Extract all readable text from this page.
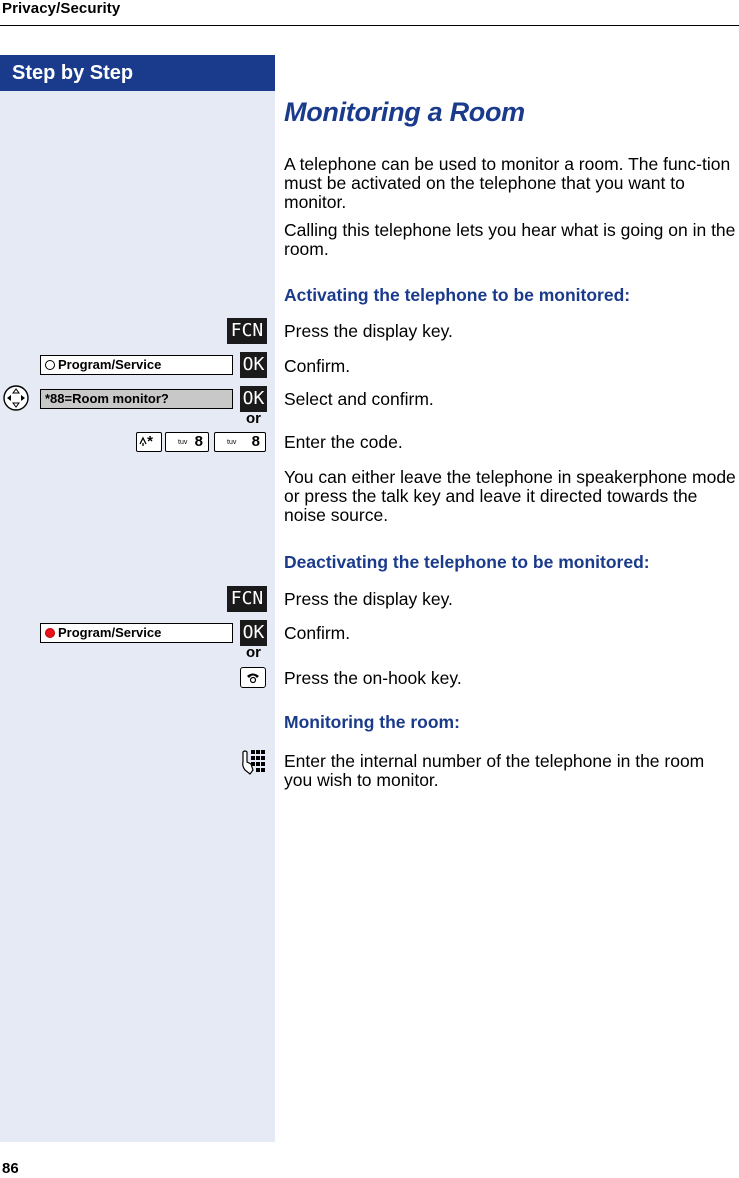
Privacy/Security
Step by Step
Monitoring a Room
A telephone can be used to monitor a room. The func-tion must be activated on the telephone that you want to monitor.
Calling this telephone lets you hear what is going on in the room.
Activating the telephone to be monitored:
FCN Press the display key.
Program/Service	OK Confirm.
*88=Room monitor?	OK Select and confirm.
or
*	tuv 8	tuv 8 Enter the code.
You can either leave the telephone in speakerphone mode or press the talk key and leave it directed towards the noise source.
Deactivating the telephone to be monitored:
FCN Press the display key.
Program/Service	OK Confirm.
or
Press the on-hook key.
Monitoring the room:
Enter the internal number of the telephone in the room you wish to monitor.
86
